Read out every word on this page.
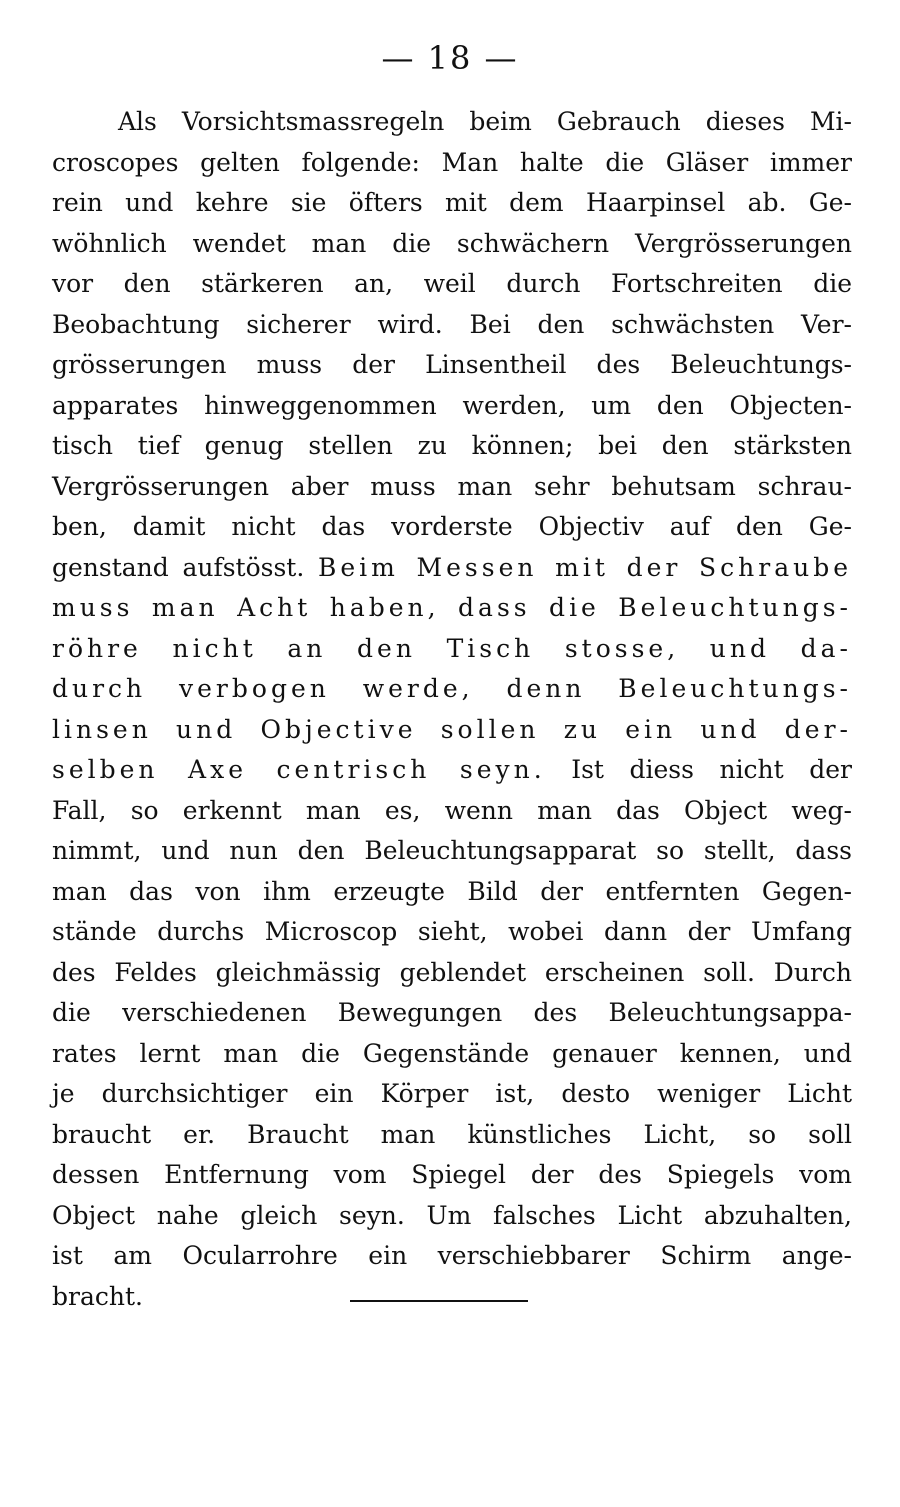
— 18 —
Als Vorsichtsmassregeln beim Gebrauch dieses Mi-
croscopes gelten folgende: Man halte die Gläser immer
rein und kehre sie öfters mit dem Haarpinsel ab. Ge-
wöhnlich wendet man die schwächern Vergrösserungen
vor den stärkeren an, weil durch Fortschreiten die
Beobachtung sicherer wird. Bei den schwächsten Ver-
grösserungen muss der Linsentheil des Beleuchtungs-
apparates hinweggenommen werden, um den Objecten-
tisch tief genug stellen zu können; bei den stärksten
Vergrösserungen aber muss man sehr behutsam schrau-
ben, damit nicht das vorderste Objectiv auf den Ge-
genstand aufstösst. Beim Messen mit der Schraube
muss man Acht haben, dass die Beleuchtungs-
röhre nicht an den Tisch stosse, und da-
durch verbogen werde, denn Beleuchtungs-
linsen und Objective sollen zu ein und der-
selben Axe centrisch seyn. Ist diess nicht der
Fall, so erkennt man es, wenn man das Object weg-
nimmt, und nun den Beleuchtungsapparat so stellt, dass
man das von ihm erzeugte Bild der entfernten Gegen-
stände durchs Microscop sieht, wobei dann der Umfang
des Feldes gleichmässig geblendet erscheinen soll. Durch
die verschiedenen Bewegungen des Beleuchtungsappa-
rates lernt man die Gegenstände genauer kennen, und
je durchsichtiger ein Körper ist, desto weniger Licht
braucht er. Braucht man künstliches Licht, so soll
dessen Entfernung vom Spiegel der des Spiegels vom
Object nahe gleich seyn. Um falsches Licht abzuhalten,
ist am Ocularrohre ein verschiebbarer Schirm ange-
bracht.
